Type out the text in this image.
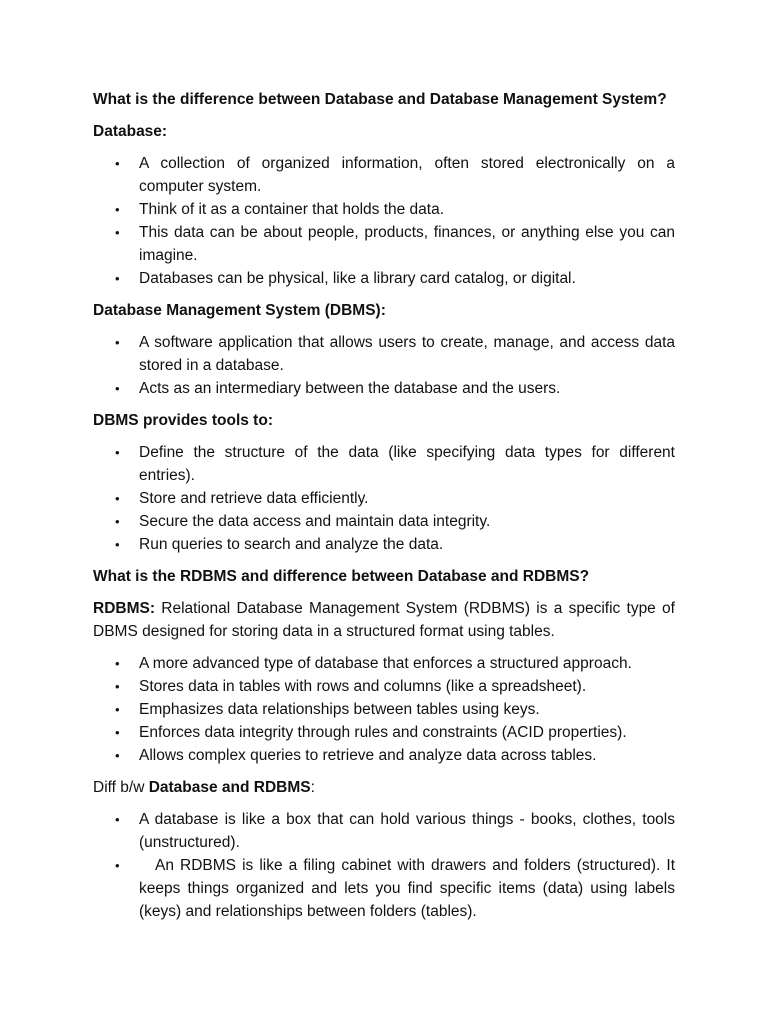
What is the difference between Database and Database Management System?

Database:

• A collection of organized information, often stored electronically on a computer system.
• Think of it as a container that holds the data.
• This data can be about people, products, finances, or anything else you can imagine.
• Databases can be physical, like a library card catalog, or digital.

Database Management System (DBMS):

• A software application that allows users to create, manage, and access data stored in a database.
• Acts as an intermediary between the database and the users.

DBMS provides tools to:

• Define the structure of the data (like specifying data types for different entries).
• Store and retrieve data efficiently.
• Secure the data access and maintain data integrity.
• Run queries to search and analyze the data.

What is the RDBMS and difference between Database and RDBMS?

RDBMS: Relational Database Management System (RDBMS) is a specific type of DBMS designed for storing data in a structured format using tables.

• A more advanced type of database that enforces a structured approach.
• Stores data in tables with rows and columns (like a spreadsheet).
• Emphasizes data relationships between tables using keys.
• Enforces data integrity through rules and constraints (ACID properties).
• Allows complex queries to retrieve and analyze data across tables.

Diff b/w Database and RDBMS:

• A database is like a box that can hold various things - books, clothes, tools (unstructured).
• An RDBMS is like a filing cabinet with drawers and folders (structured). It keeps things organized and lets you find specific items (data) using labels (keys) and relationships between folders (tables).
